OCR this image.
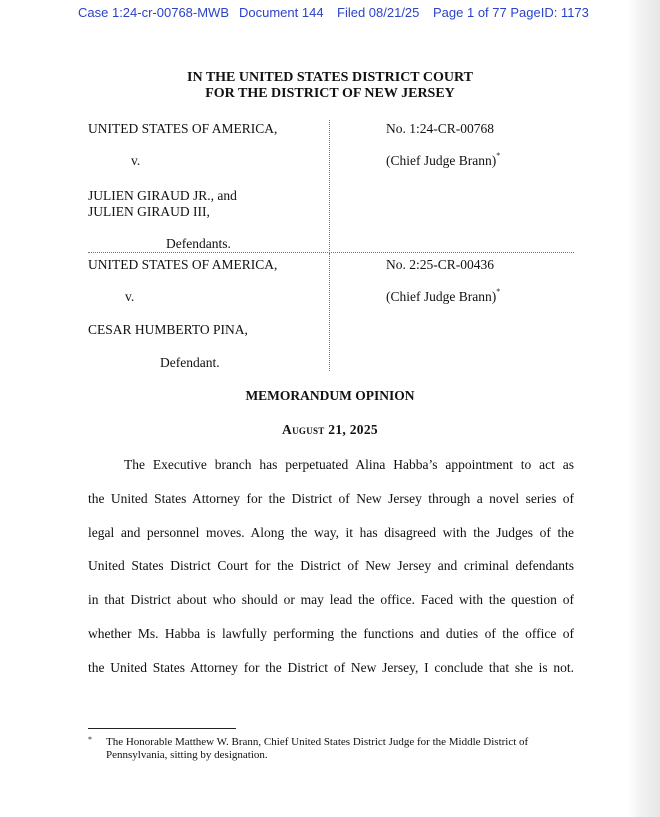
Case 1:24-cr-00768-MWB Document 144 Filed 08/21/25 Page 1 of 77 PageID: 1173
IN THE UNITED STATES DISTRICT COURT
FOR THE DISTRICT OF NEW JERSEY
UNITED STATES OF AMERICA,
v.
JULIEN GIRAUD JR., and
JULIEN GIRAUD III,
Defendants.
No. 1:24-CR-00768
(Chief Judge Brann)*
UNITED STATES OF AMERICA,
v.
CESAR HUMBERTO PINA,
Defendant.
No. 2:25-CR-00436
(Chief Judge Brann)*
MEMORANDUM OPINION
August 21, 2025
The Executive branch has perpetuated Alina Habba’s appointment to act as
the United States Attorney for the District of New Jersey through a novel series of
legal and personnel moves. Along the way, it has disagreed with the Judges of the
United States District Court for the District of New Jersey and criminal defendants
in that District about who should or may lead the office. Faced with the question of
whether Ms. Habba is lawfully performing the functions and duties of the office of
the United States Attorney for the District of New Jersey, I conclude that she is not.
* The Honorable Matthew W. Brann, Chief United States District Judge for the Middle District of Pennsylvania, sitting by designation.
